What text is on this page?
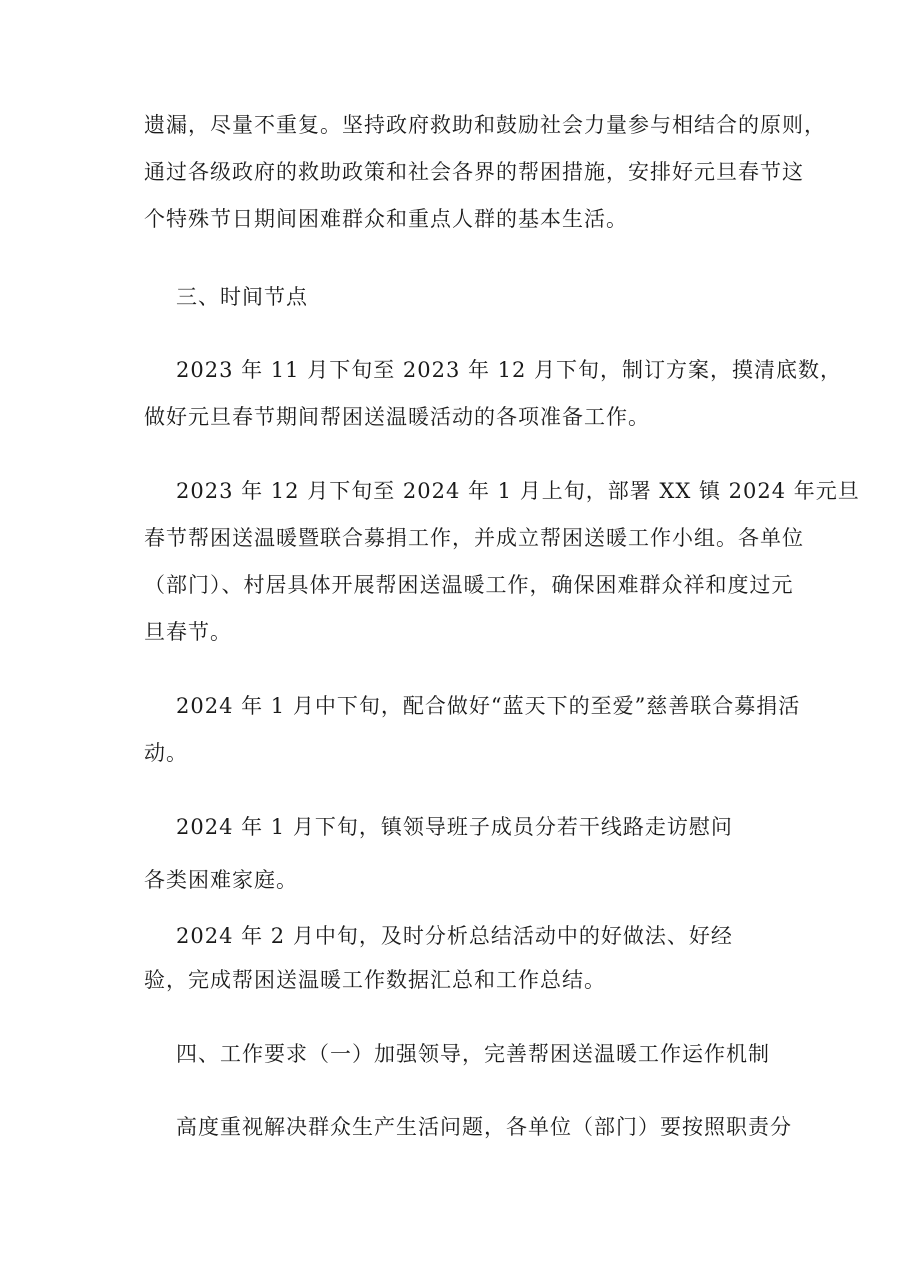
遗漏，尽量不重复。坚持政府救助和鼓励社会力量参与相结合的原则，
通过各级政府的救助政策和社会各界的帮困措施，安排好元旦春节这
个特殊节日期间困难群众和重点人群的基本生活。
三、时间节点
2023 年 11 月下旬至 2023 年 12 月下旬，制订方案，摸清底数，
做好元旦春节期间帮困送温暖活动的各项准备工作。
2023 年 12 月下旬至 2024 年 1 月上旬，部署 XX 镇 2024 年元旦
春节帮困送温暖暨联合募捐工作，并成立帮困送暖工作小组。各单位
（部门）、村居具体开展帮困送温暖工作，确保困难群众祥和度过元
旦春节。
2024 年 1 月中下旬，配合做好“蓝天下的至爱”慈善联合募捐活
动。
2024 年 1 月下旬，镇领导班子成员分若干线路走访慰问
各类困难家庭。
2024 年 2 月中旬，及时分析总结活动中的好做法、好经
验，完成帮困送温暖工作数据汇总和工作总结。
四、工作要求（一）加强领导，完善帮困送温暖工作运作机制
高度重视解决群众生产生活问题，各单位（部门）要按照职责分
